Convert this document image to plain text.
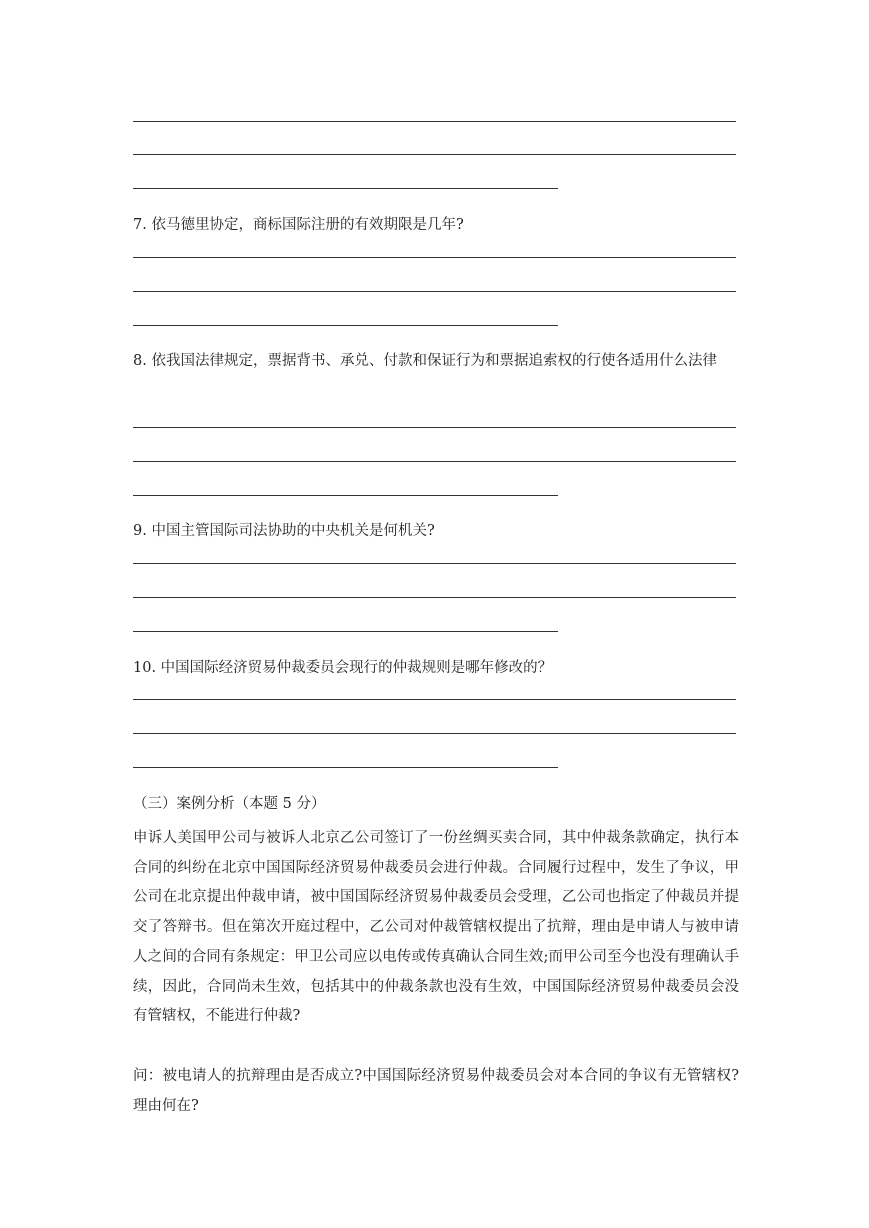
7. 依马德里协定，商标国际注册的有效期限是几年?

8. 依我国法律规定，票据背书、承兑、付款和保证行为和票据追索权的行使各适用什么法律

9. 中国主管国际司法协助的中央机关是何机关?

10. 中国国际经济贸易仲裁委员会现行的仲裁规则是哪年修改的？

（三）案例分析（本题 5 分）

申诉人美国甲公司与被诉人北京乙公司签订了一份丝绸买卖合同，其中仲裁条款确定，执行本合同的纠纷在北京中国国际经济贸易仲裁委员会进行仲裁。合同履行过程中，发生了争议，甲公司在北京提出仲裁申请，被中国国际经济贸易仲裁委员会受理，乙公司也指定了仲裁员并提交了答辩书。但在第次开庭过程中，乙公司对仲裁管辖权提出了抗辩，理由是申请人与被申请人之间的合同有条规定：甲卫公司应以电传或传真确认合同生效;而甲公司至今也没有理确认手续，因此，合同尚未生效，包括其中的仲裁条款也没有生效，中国国际经济贸易仲裁委员会没有管辖权，不能进行仲裁?

问：被电请人的抗辩理由是否成立?中国国际经济贸易仲裁委员会对本合同的争议有无管辖权?理由何在?
